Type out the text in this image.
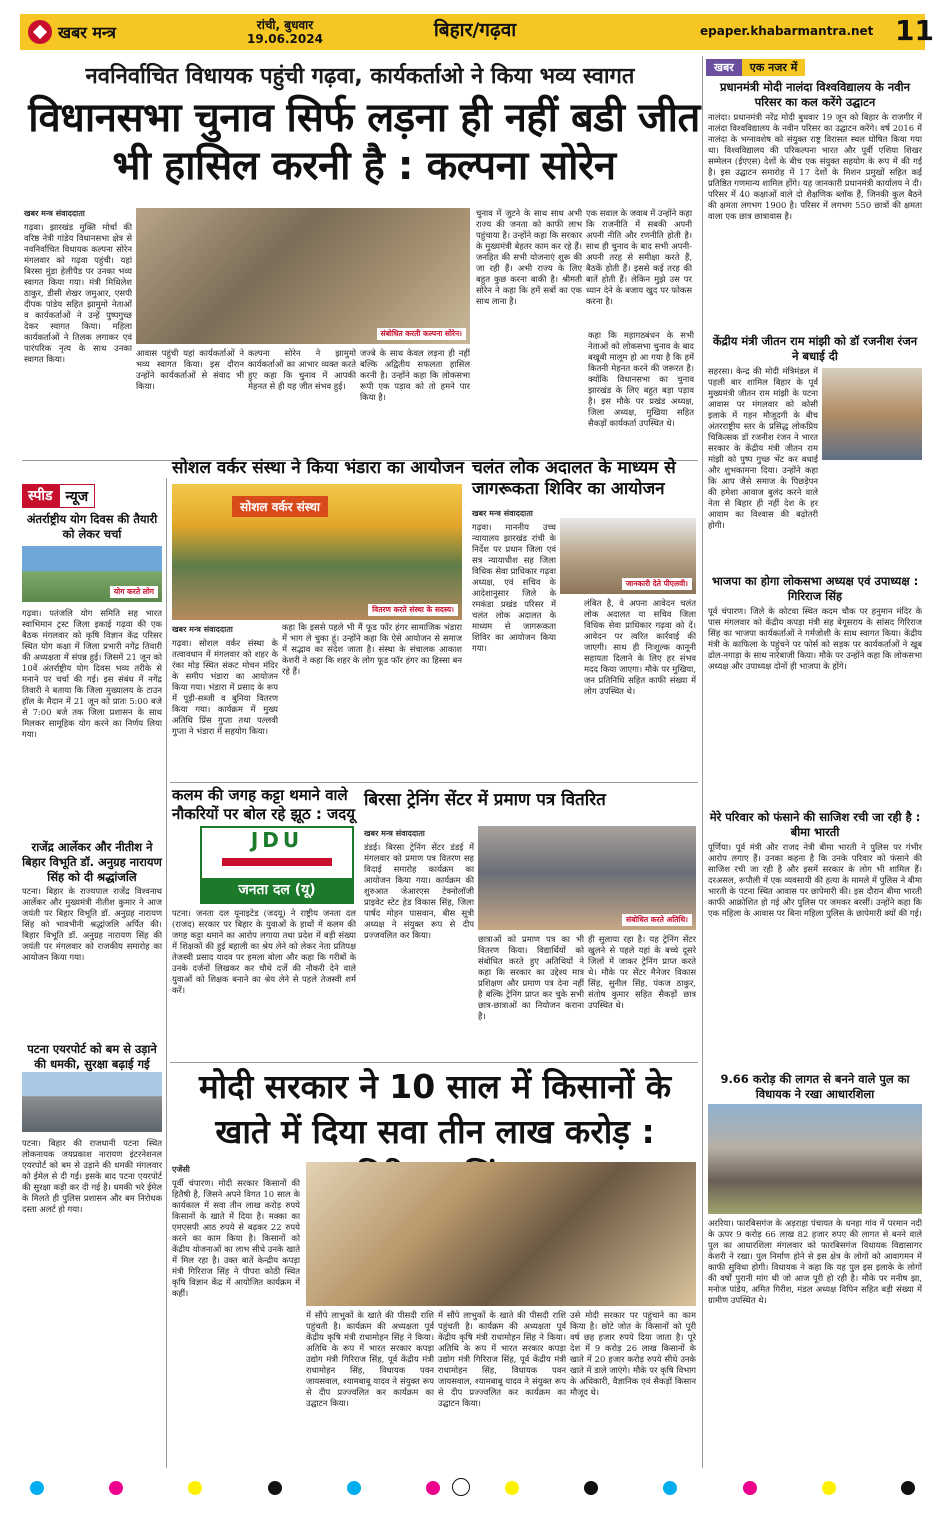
खबर मन्त्र	रांची, बुधवार
19.06.2024	बिहार/गढ़वा	epaper.khabarmantra.net 11
नवनिर्वाचित विधायक पहुंची गढ़वा, कार्यकर्ताओ ने किया भव्य स्वागत
विधानसभा चुनाव सिर्फ लड़ना ही नहीं बडी जीत भी हासिल करनी है : कल्पना सोरेन
खबर मन्त्र संवाददाता
गढ़वा। झारखंड मुक्ति मोर्चा की वरिष्ठ नेत्री गांडेय विधानसभा क्षेत्र से नवनिर्वाचित विधायक कल्पना सोरेन मंगलवार को गढ़वा पहुंची। यहां बिरसा मुंडा हेलीपैड पर उनका भव्य स्वागत किया गया। मंत्री मिथिलेश ठाकुर, डीसी शेखर जमुआर, एसपी दीपक पांडेय सहित झामुमो नेताओं व कार्यकर्ताओं ने उन्हें पुष्पगुच्छ देकर स्वागत किया। महिला कार्यकर्ताओं ने तिलक लगाकर एवं पारंपरिक नृत्य के साथ उनका स्वागत किया।
संबोधित करती कल्पना सोरेन।
आवास पहुंची यहां कार्यकर्ताओं ने भव्य स्वागत किया। इस दौरान उन्होंने कार्यकर्ताओं से संवाद भी किया।
कल्पना सोरेन ने झामुमो कार्यकर्ताओं का आभार व्यक्त करते हुए कहा कि चुनाव में आपकी मेहनत से ही यह जीत संभव हुई।
जज्बे के साथ केवल लड़ना ही नहीं बल्कि अद्वितीय सफलता हासिल करनी है। उन्होंने कहा कि लोकसभा रूपी एक पड़ाव को तो हमने पार किया है।
चुनाव में जुटने के साथ साथ अभी राज्य की जनता को काफी लाभ पहुंचाया है। उन्होंने कहा कि सरकार के मुख्यमंत्री बेहतर काम कर रहे हैं। जनहित की सभी योजनाएं शुरू की जा रही हैं। अभी राज्य के लिए बहुत कुछ करना बाकी है। श्रीमती सोरेन ने कहा कि हमें सबों का एक साथ लाना है।
एक सवाल के जवाब में उन्होंने कहा कि राजनीति में सबकी अपनी अपनी नीति और रणनीति होती है। साथ ही चुनाव के बाद सभी अपनी-अपनी तरह से समीक्षा करते हैं, बैठकें होती हैं। इससे कई तरह की बातें होती हैं। लेकिन मुझे उस पर ध्यान देने के बजाय खुद पर फोकस करना है।
कहा कि महागठबंधन के सभी नेताओं को लोकसभा चुनाव के बाद बखूबी मालूम हो आ गया है कि हमें कितनी मेहनत करने की जरूरत है। क्योंकि विधानसभा का चुनाव झारखंड के लिए बहुत बड़ा पड़ाव है। इस मौके पर प्रखंड अध्यक्ष, जिला अध्यक्ष, मुखिया सहित सैकड़ों कार्यकर्ता उपस्थित थे।
स्पीड न्यूज
अंतर्राष्ट्रीय योग दिवस की तैयारी को लेकर चर्चा
योग करते लोग
गढ़वा। पतंजलि योग समिति सह भारत स्वाभिमान ट्रस्ट जिला इकाई गढ़वा की एक बैठक मंगलवार को कृषि विज्ञान केंद्र परिसर स्थित योग कक्षा में जिला प्रभारी नगेंद्र तिवारी की अध्यक्षता में संपन्न हुई। जिसमें 21 जून को 10वें अंतर्राष्ट्रीय योग दिवस भव्य तरीके से मनाने पर चर्चा की गई। इस संबंध में नगेंद्र तिवारी ने बताया कि जिला मुख्यालय के टाउन हॉल के मैदान में 21 जून को प्रातः 5:00 बजे से 7:00 बजे तक जिला प्रशासन के साथ मिलकर सामूहिक योग करने का निर्णय लिया गया।
राजेंद्र आर्लेकर और नीतीश ने बिहार विभूति डॉ. अनुग्रह नारायण सिंह को दी श्रद्धांजलि
पटना। बिहार के राज्यपाल राजेंद्र विश्वनाथ आर्लेकर और मुख्यमंत्री नीतीश कुमार ने आज जयंती पर बिहार विभूति डॉ. अनुग्रह नारायण सिंह को भावभीनी श्रद्धांजलि अर्पित की। बिहार विभूति डॉ. अनुग्रह नारायण सिंह की जयंती पर मंगलवार को राजकीय समारोह का आयोजन किया गया।
पटना एयरपोर्ट को बम से उड़ाने की धमकी, सुरक्षा बढ़ाई गई
पटना। बिहार की राजधानी पटना स्थित लोकनायक जयप्रकाश नारायण इंटरनेशनल एयरपोर्ट को बम से उड़ाने की धमकी मंगलवार को ईमेल से दी गई। इसके बाद पटना एयरपोर्ट की सुरक्षा कड़ी कर दी गई है। धमकी भरे ईमेल के मिलते ही पुलिस प्रशासन और बम निरोधक दस्ता अलर्ट हो गया।
सोशल वर्कर संस्था ने किया भंडारा का आयोजन
सोशल वर्कर संस्था
वितरण करते संस्था के सदस्य।
खबर मन्त्र संवाददाता
गढ़वा। सोशल वर्कर संस्था के तत्वावधान में मंगलवार को शहर के रंका मोड़ स्थित संकट मोचन मंदिर के समीप भंडारा का आयोजन किया गया। भंडारा में प्रसाद के रूप में पूड़ी-सब्जी व बुनिया वितरण किया गया। कार्यक्रम में मुख्य अतिथि प्रिंस गुप्ता तथा पल्लवी गुप्ता ने भंडारा में सहयोग किया।
कहा कि इससे पहले भी मैं फूड फॉर हंगर सामाजिक भंडारा में भाग ले चुका हूं। उन्होंने कहा कि ऐसे आयोजन से समाज में सद्भाव का संदेश जाता है। संस्था के संचालक आकाश केशरी ने कहा कि शहर के लोग फूड फॉर हंगर का हिस्सा बन रहे हैं।
चलंत लोक अदालत के माध्यम से जागरूकता शिविर का आयोजन
खबर मन्त्र संवाददाता
जानकारी देते पीएलवी।
गढ़वा। माननीय उच्च न्यायालय झारखंड रांची के निर्देश पर प्रधान जिला एवं सत्र न्यायाधीश सह जिला विधिक सेवा प्राधिकार गढ़वा अध्यक्ष, एवं सचिव के आदेशानुसार जिले के रमकंडा प्रखंड परिसर में चलंत लोक अदालत के माध्यम से जागरूकता शिविर का आयोजन किया गया।
लंबित है, वे अपना आवेदन चलंत लोक अदालत या सचिव जिला विधिक सेवा प्राधिकार गढ़वा को दें। आवेदन पर त्वरित कार्रवाई की जाएगी। साथ ही निःशुल्क कानूनी सहायता दिलाने के लिए हर संभव मदद किया जाएगा। मौके पर मुखिया, जन प्रतिनिधि सहित काफी संख्या में लोग उपस्थित थे।
कलम की जगह कट्टा थमाने वाले नौकरियों पर बोल रहे झूठ : जदयू
JDU
जनता दल (यू)
पटना। जनता दल यूनाइटेड (जदयू) ने राष्ट्रीय जनता दल (राजद) सरकार पर बिहार के युवाओं के हाथों में कलम की जगह कट्टा थमाने का आरोप लगाया तथा प्रदेश में बड़ी संख्या में शिक्षकों की हुई बहाली का श्रेय लेने को लेकर नेता प्रतिपक्ष तेजस्वी प्रसाद यादव पर हमला बोला और कहा कि गरीबों के उनके दर्जनों लिखकर कर चौथे दर्जे की नौकरी देने वाले युवाओं को शिक्षक बनाने का श्रेय लेने से पहले तेजस्वी शर्म करें।
बिरसा ट्रेनिंग सेंटर में प्रमाण पत्र वितरित
खबर मन्त्र संवाददाता
डंडई। बिरसा ट्रेनिंग सेंटर डंडई में मंगलवार को प्रमाण पत्र वितरण सह विदाई समारोह कार्यक्रम का आयोजन किया गया। कार्यक्रम की शुरुआत जेआरएस टेक्नोलॉजी प्राइवेट स्टेट हेड विकास सिंह, जिला पार्षद मोहन पासवान, बीस सूत्री अध्यक्ष ने संयुक्त रूप से दीप प्रज्जवलित कर किया।
संबोधित करते अतिथि।
छात्राओं को प्रमाण पत्र का भी वितरण किया। विद्यार्थियों को संबोधित करते हुए अतिथियों ने कहा कि सरकार का उद्देश्य मात्र प्रशिक्षण और प्रमाण पत्र देना नहीं है बल्कि ट्रेनिंग प्राप्त कर चुके सभी छात्र-छात्राओं का नियोजन कराना है।
ही सुलाया रहा है। यह ट्रेनिंग सेंटर खुलने से पहले यहां के बच्चे दूसरे जिलों में जाकर ट्रेनिंग प्राप्त करते थे। मौके पर सेंटर मैनेजर विकास सिंह, सुनील सिंह, पंकज ठाकुर, संतोष कुमार सहित सैकड़ों छात्र उपस्थित थे।
मोदी सरकार ने 10 साल में किसानों के खाते में दिया सवा तीन लाख करोड़ :
एजेंसी
पूर्वी चंपारण। मोदी सरकार किसानों की हितैषी है, जिसने अपने विगत 10 साल के कार्यकाल में सवा तीन लाख करोड़ रुपये किसानों के खाते में दिया है। मक्का का एमएसपी आठ रुपये से बढ़कर 22 रुपये करने का काम किया है। किसानों को केंद्रीय योजनाओं का लाभ सीधे उनके खाते में मिल रहा है। उक्त बातें केन्द्रीय कपड़ा मंत्री गिरिराज सिंह ने पीपरा कोठी स्थित कृषि विज्ञान केंद्र में आयोजित कार्यक्रम में कहीं।
में सौंपे लाभुकों के खाते की पीसदी राशि पहुंचती है। कार्यक्रम की अध्यक्षता पूर्व केंद्रीय कृषि मंत्री राधामोहन सिंह ने किया। अतिथि के रूप में भारत सरकार कपड़ा उद्योग मंत्री गिरिराज सिंह, पूर्व केंद्रीय मंत्री राधामोहन सिंह, विधायक पवन जायसवाल, श्यामबाबू यादव ने संयुक्त रूप से दीप प्रज्ज्वलित कर कार्यक्रम का उद्घाटन किया।
में सौंपे लाभुकों के खाते की पीसदी राशि पहुंचती है। कार्यक्रम की अध्यक्षता पूर्व केंद्रीय कृषि मंत्री राधामोहन सिंह ने किया। अतिथि के रूप में भारत सरकार कपड़ा उद्योग मंत्री गिरिराज सिंह, पूर्व केंद्रीय मंत्री राधामोहन सिंह, विधायक पवन जायसवाल, श्यामबाबू यादव ने संयुक्त रूप से दीप प्रज्ज्वलित कर कार्यक्रम का उद्घाटन किया।
उसे मोदी सरकार पर पहुंचाने का काम किया है। छोटे जोत के किसानों को पूरी वर्ष छह हजार रुपये दिया जाता है। पूरे देश में 9 करोड़ 26 लाख किसानों के खाते में 20 हजार करोड़ रुपये सीधे उनके खाते में डाले जाएंगे। मौके पर कृषि विभाग के अधिकारी, वैज्ञानिक एवं सैकड़ों किसान मौजूद थे।
खबर	एक नजर में
प्रधानमंत्री मोदी नालंदा विश्वविद्यालय के नवीन परिसर का कल करेंगे उद्घाटन
नालंदा। प्रधानमंत्री नरेंद्र मोदी बुधवार 19 जून को बिहार के राजगीर में नालंदा विश्वविद्यालय के नवीन परिसर का उद्घाटन करेंगे। वर्ष 2016 में नालंदा के भग्नावशेष को संयुक्त राष्ट्र विरासत स्थल घोषित किया गया था। विश्वविद्यालय की परिकल्पना भारत और पूर्वी एशिया शिखर सम्मेलन (ईएएस) देशों के बीच एक संयुक्त सहयोग के रूप में की गई है। इस उद्घाटन समारोह में 17 देशों के मिशन प्रमुखों सहित कई प्रतिष्ठित गणमान्य शामिल होंगे। यह जानकारी प्रधानमंत्री कार्यालय ने दी। परिसर में 40 कक्षाओं वाले दो शैक्षणिक ब्लॉक हैं, जिनकी कुल बैठने की क्षमता लगभग 1900 है। परिसर में लगभग 550 छात्रों की क्षमता वाला एक छात्र छात्रावास है।
केंद्रीय मंत्री जीतन राम मांझी को डॉ रजनीश रंजन ने बधाई दी
सहरसा। केन्द्र की मोदी मंत्रिमंडल में पहली बार शामिल बिहार के पूर्व मुख्यमंत्री जीतन राम मांझी के पटना आवास पर मंगलवार को कोसी इलाके में गहन मौजूदगी के बीच अंतरराष्ट्रीय स्तर के प्रसिद्ध लोकप्रिय चिकित्सक डॉ रजनीश रंजन ने भारत सरकार के केंद्रीय मंत्री जीतन राम मांझी को पुष्प गुच्छ भेंट कर बधाई और शुभकामना दिया। उन्होंने कहा कि आप जैसे समाज के पिछड़ेपन की हमेशा आवाज बुलंद करने वाले नेता से बिहार ही नहीं देश के हर आवाम का विश्वास की बढ़ोतरी होगी।
भाजपा का होगा लोकसभा अध्यक्ष एवं उपाध्यक्ष : गिरिराज सिंह
पूर्व चंपारण। जिले के कोटवा स्थित कदम चौक पर हनुमान मंदिर के पास मंगलवार को केंद्रीय कपड़ा मंत्री सह बेगूसराय के सांसद गिरिराज सिंह का भाजपा कार्यकर्ताओं ने गर्मजोशी के साथ स्वागत किया। केंद्रीय मंत्री के काफिला के पहुंचने पर फोर्स को सड़क पर कार्यकर्ताओं ने खूब ढोल-नगाड़ा के साथ नारेबाजी किया। मौके पर उन्होंने कहा कि लोकसभा अध्यक्ष और उपाध्यक्ष दोनों ही भाजपा के होंगे।
मेरे परिवार को फंसाने की साजिश रची जा रही है : बीमा भारती
पूर्णिया। पूर्व मंत्री और राजद नेत्री बीमा भारती ने पुलिस पर गंभीर आरोप लगाए हैं। उनका कहना है कि उनके परिवार को फंसाने की साजिश रची जा रही है और इसमें सरकार के लोग भी शामिल हैं। दरअसल, रूपौली में एक व्यवसायी की हत्या के मामले में पुलिस ने बीमा भारती के पटना स्थित आवास पर छापेमारी की। इस दौरान बीमा भारती काफी आक्रोशित हो गई और पुलिस पर जमकर बरसीं। उन्होंने कहा कि एक महिला के आवास पर बिना महिला पुलिस के छापेमारी क्यों की गई।
9.66 करोड़ की लागत से बनने वाले पुल का विधायक ने रखा आधारशिला
अररिया। फारबिसगंज के अड़राहा पंचायत के धनहा गांव में परमान नदी के ऊपर 9 करोड़ 66 लाख 82 हजार रुपए की लागत से बनने वाले पुल का आधारशिला मंगलवार को फारबिसगंज विधायक विद्यासागर केशरी ने रखा। पुल निर्माण होने से इस क्षेत्र के लोगों को आवागमन में काफी सुविधा होगी। विधायक ने कहा कि यह पुल इस इलाके के लोगों की वर्षों पुरानी मांग थी जो आज पूरी हो रही है। मौके पर मनीष झा, मनोज पांडेय, अमित गिरीश, मंडल अध्यक्ष विपिन सहित बड़ी संख्या में ग्रामीण उपस्थित थे।
